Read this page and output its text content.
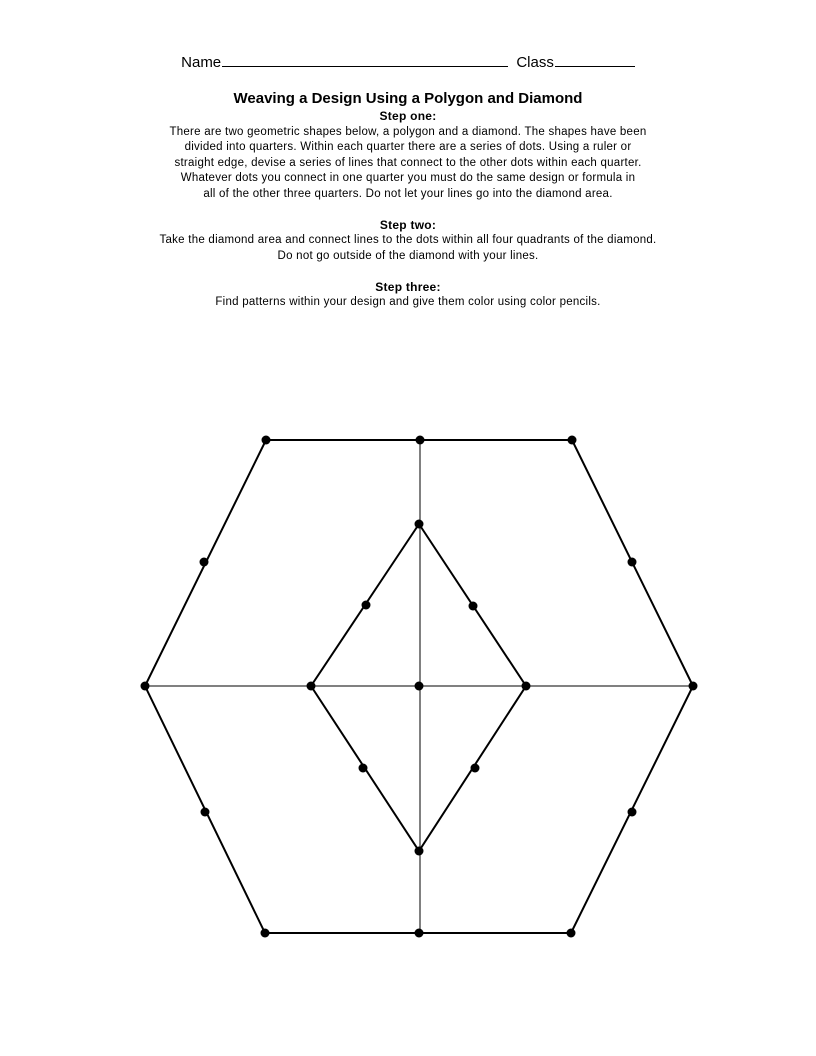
Name	Class
Weaving a Design Using a Polygon and Diamond
Step one:
There are two geometric shapes below, a polygon and a diamond. The shapes have been
divided into quarters. Within each quarter there are a series of dots. Using a ruler or
straight edge, devise a series of lines that connect to the other dots within each quarter.
Whatever dots you connect in one quarter you must do the same design or formula in
all of the other three quarters. Do not let your lines go into the diamond area.
Step two:
Take the diamond area and connect lines to the dots within all four quadrants of the diamond.
Do not go outside of the diamond with your lines.
Step three:
Find patterns within your design and give them color using color pencils.
